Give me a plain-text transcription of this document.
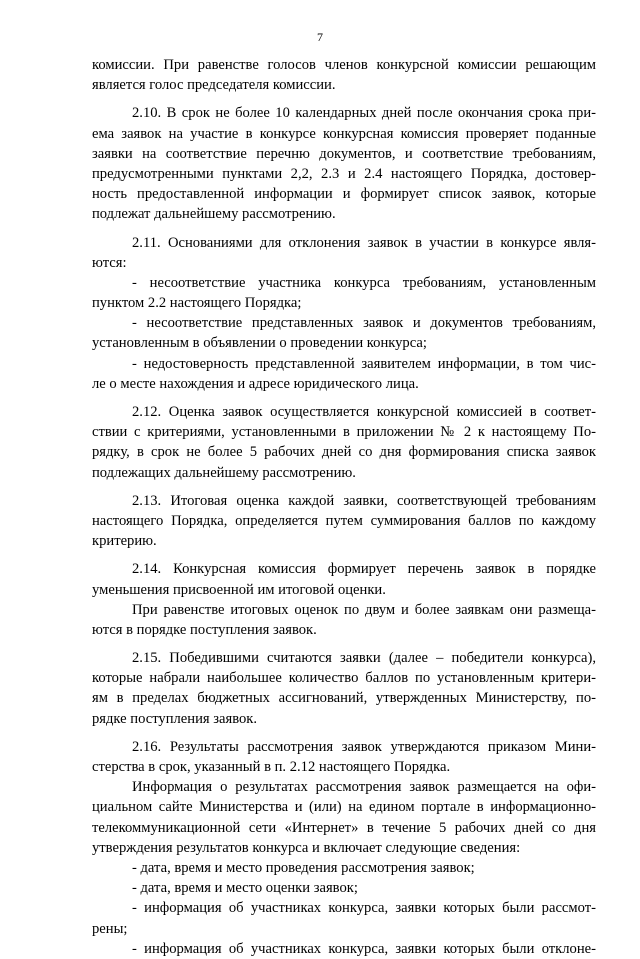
7
комиссии. При равенстве голосов членов конкурсной комиссии решающим
является голос председателя комиссии.
2.10. В срок не более 10 календарных дней после окончания срока при-
ема заявок на участие в конкурсе конкурсная комиссия проверяет поданные
заявки на соответствие перечню документов, и соответствие требованиям,
предусмотренными пунктами 2,2, 2.3 и 2.4 настоящего Порядка, достовер-
ность предоставленной информации и формирует список заявок, которые
подлежат дальнейшему рассмотрению.
2.11. Основаниями для отклонения заявок в участии в конкурсе явля-
ются:
- несоответствие участника конкурса требованиям, установленным
пунктом 2.2 настоящего Порядка;
- несоответствие представленных заявок и документов требованиям,
установленным в объявлении о проведении конкурса;
- недостоверность представленной заявителем информации, в том чис-
ле о месте нахождения и адресе юридического лица.
2.12. Оценка заявок осуществляется конкурсной комиссией в соответ-
ствии с критериями, установленными в приложении № 2 к настоящему По-
рядку, в срок не более 5 рабочих дней со дня формирования списка заявок
подлежащих дальнейшему рассмотрению.
2.13. Итоговая оценка каждой заявки, соответствующей требованиям
настоящего Порядка, определяется путем суммирования баллов по каждому
критерию.
2.14. Конкурсная комиссия формирует перечень заявок в порядке
уменьшения присвоенной им итоговой оценки.
При равенстве итоговых оценок по двум и более заявкам они размеща-
ются в порядке поступления заявок.
2.15. Победившими считаются заявки (далее – победители конкурса),
которые набрали наибольшее количество баллов по установленным критери-
ям в пределах бюджетных ассигнований, утвержденных Министерству, по-
рядке поступления заявок.
2.16. Результаты рассмотрения заявок утверждаются приказом Мини-
стерства в срок, указанный в п. 2.12 настоящего Порядка.
Информация о результатах рассмотрения заявок размещается на офи-
циальном сайте Министерства и (или) на едином портале в информационно-
телекоммуникационной сети «Интернет» в течение 5 рабочих дней со дня
утверждения результатов конкурса и включает следующие сведения:
- дата, время и место проведения рассмотрения заявок;
- дата, время и место оценки заявок;
- информация об участниках конкурса, заявки которых были рассмот-
рены;
- информация об участниках конкурса, заявки которых были отклоне-
